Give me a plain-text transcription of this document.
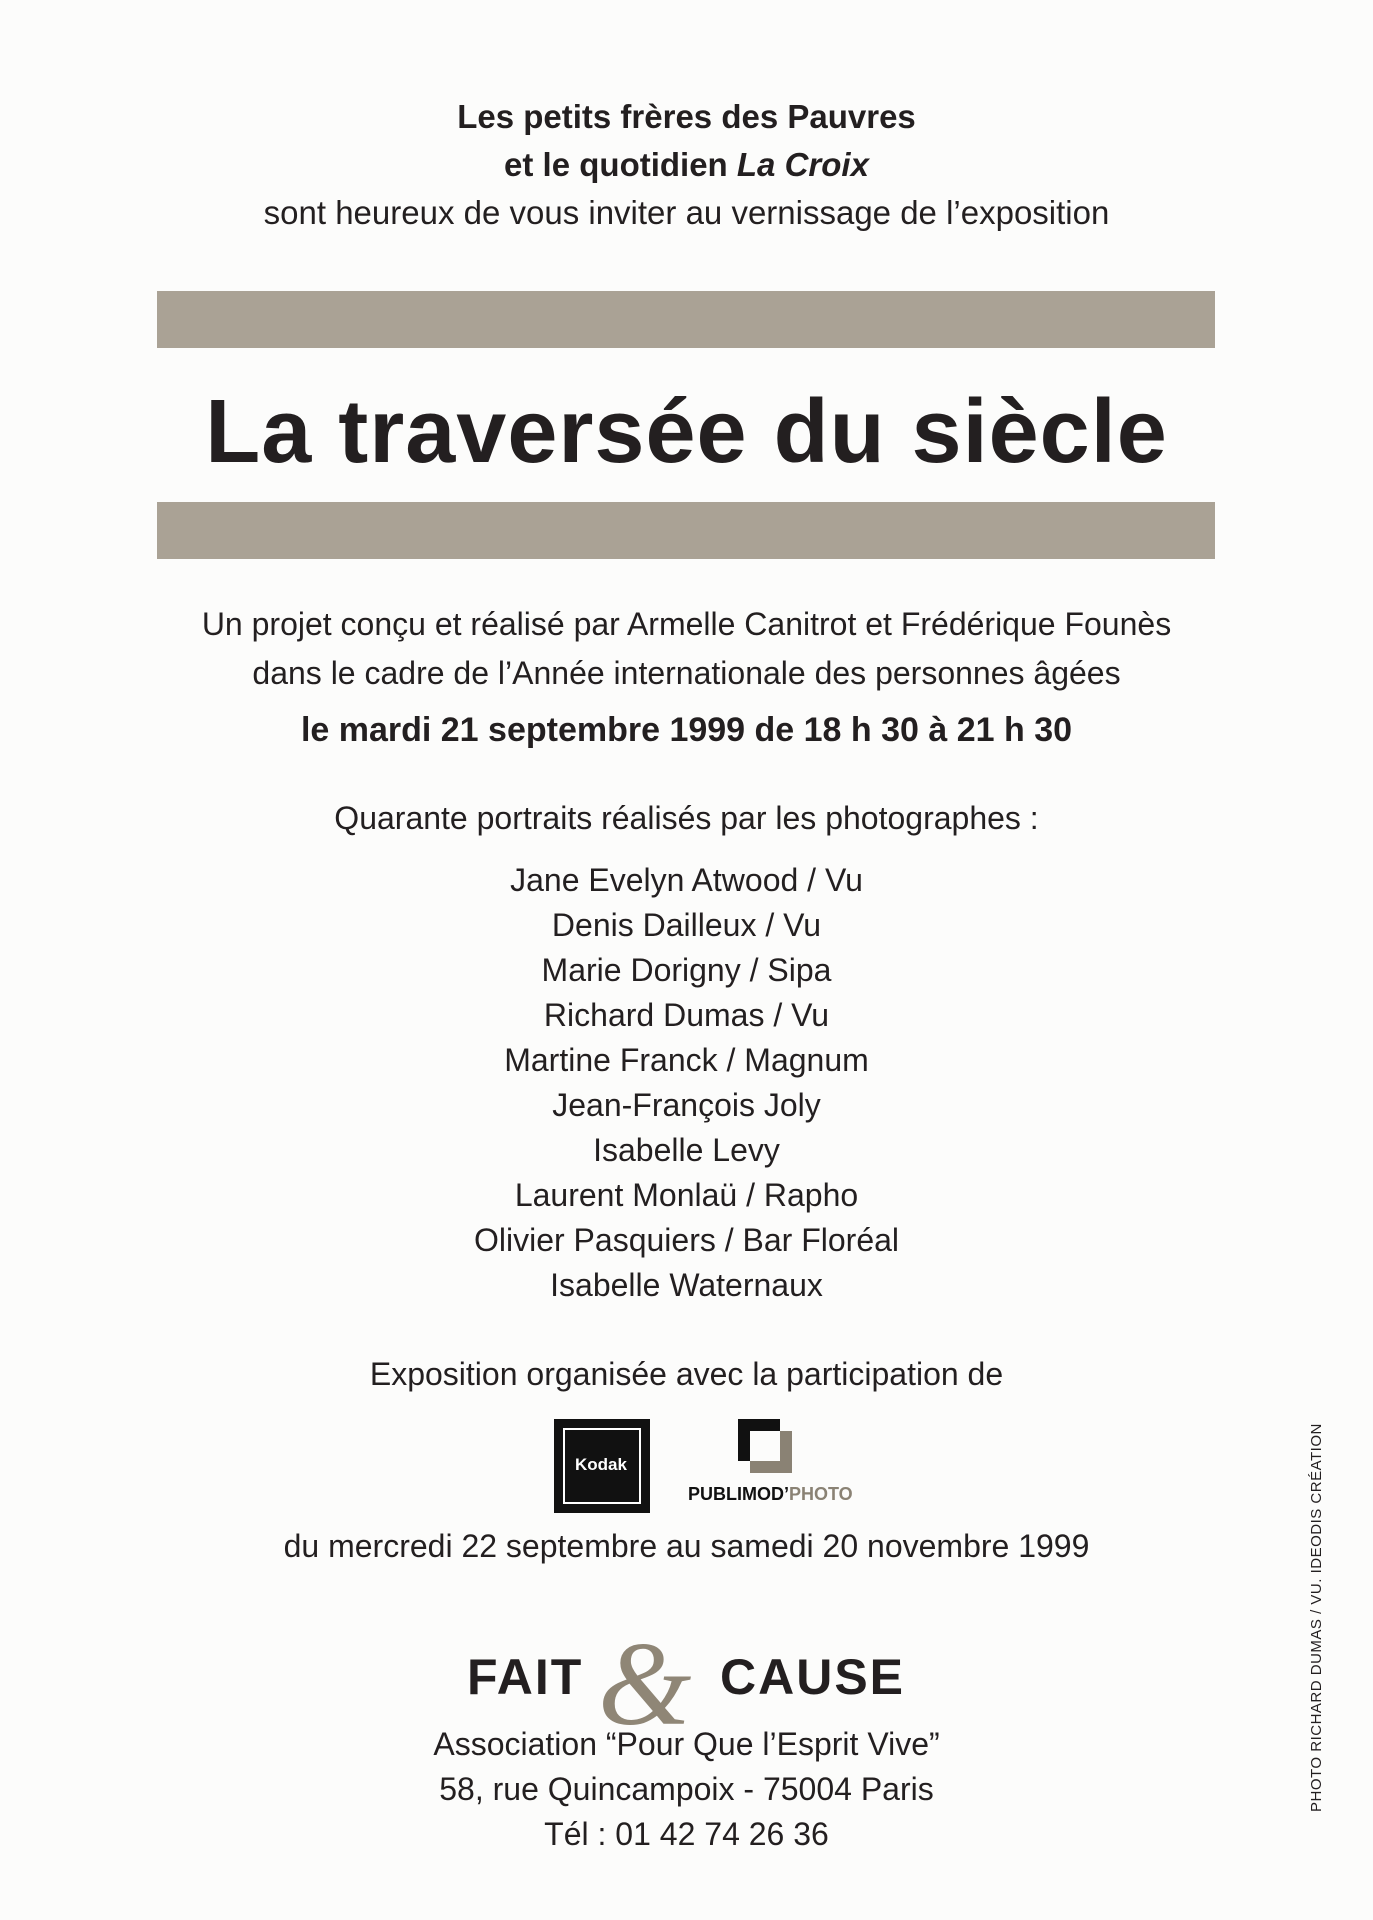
Les petits frères des Pauvres
et le quotidien La Croix
sont heureux de vous inviter au vernissage de l’exposition
La traversée du siècle
Un projet conçu et réalisé par Armelle Canitrot et Frédérique Founès
dans le cadre de l’Année internationale des personnes âgées
le mardi 21 septembre 1999 de 18 h 30 à 21 h 30
Quarante portraits réalisés par les photographes :
Jane Evelyn Atwood / Vu
Denis Dailleux / Vu
Marie Dorigny / Sipa
Richard Dumas / Vu
Martine Franck / Magnum
Jean-François Joly
Isabelle Levy
Laurent Monlaü / Rapho
Olivier Pasquiers / Bar Floréal
Isabelle Waternaux
Exposition organisée avec la participation de
Kodak
PUBLIMOD’PHOTO
du mercredi 22 septembre au samedi 20 novembre 1999
FAIT & CAUSE
Association “Pour Que l’Esprit Vive”
58, rue Quincampoix - 75004 Paris
Tél : 01 42 74 26 36
PHOTO RICHARD DUMAS / VU. IDEODIS CRÉATION
